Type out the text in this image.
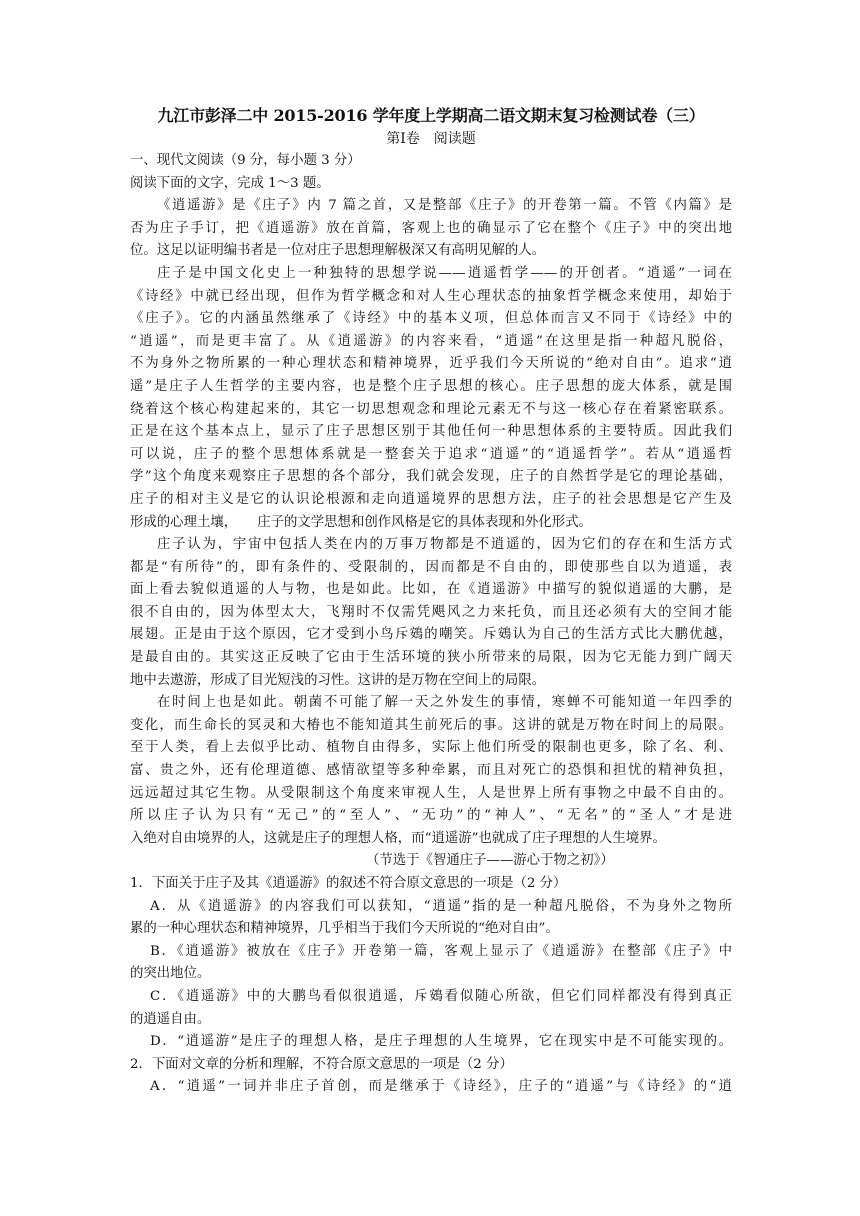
九江市彭泽二中 2015-2016 学年度上学期高二语文期末复习检测试卷（三）

第Ⅰ卷　阅读题

一、现代文阅读（9 分，每小题 3 分）

阅读下面的文字，完成 1～3 题。

《逍遥游》是《庄子》内 7 篇之首，又是整部《庄子》的开卷第一篇。不管《内篇》是

否为庄子手订，把《逍遥游》放在首篇，客观上也的确显示了它在整个《庄子》中的突出地

位。这足以证明编书者是一位对庄子思想理解极深又有高明见解的人。

庄子是中国文化史上一种独特的思想学说——逍遥哲学——的开创者。“逍遥”一词在

《诗经》中就已经出现，但作为哲学概念和对人生心理状态的抽象哲学概念来使用，却始于

《庄子》。它的内涵虽然继承了《诗经》中的基本义项，但总体而言又不同于《诗经》中的

“逍遥”，而是更丰富了。从《逍遥游》的内容来看，“逍遥”在这里是指一种超凡脱俗，

不为身外之物所累的一种心理状态和精神境界，近乎我们今天所说的“绝对自由”。追求“逍

遥”是庄子人生哲学的主要内容，也是整个庄子思想的核心。庄子思想的庞大体系，就是围

绕着这个核心构建起来的，其它一切思想观念和理论元素无不与这一核心存在着紧密联系。

正是在这个基本点上，显示了庄子思想区别于其他任何一种思想体系的主要特质。因此我们

可以说，庄子的整个思想体系就是一整套关于追求“逍遥”的“逍遥哲学”。若从“逍遥哲

学”这个角度来观察庄子思想的各个部分，我们就会发现，庄子的自然哲学是它的理论基础，

庄子的相对主义是它的认识论根源和走向逍遥境界的思想方法，庄子的社会思想是它产生及

形成的心理土壤，　　庄子的文学思想和创作风格是它的具体表现和外化形式。

庄子认为，宇宙中包括人类在内的万事万物都是不逍遥的，因为它们的存在和生活方式

都是“有所待”的，即有条件的、受限制的，因而都是不自由的，即使那些自以为逍遥，表

面上看去貌似逍遥的人与物，也是如此。比如，在《逍遥游》中描写的貌似逍遥的大鹏，是

很不自由的，因为体型太大，飞翔时不仅需凭飓风之力来托负，而且还必须有大的空间才能

展翅。正是由于这个原因，它才受到小鸟斥鴳的嘲笑。斥鴳认为自己的生活方式比大鹏优越，

是最自由的。其实这正反映了它由于生活环境的狭小所带来的局限，因为它无能力到广阔天

地中去遨游，形成了目光短浅的习性。这讲的是万物在空间上的局限。

在时间上也是如此。朝菌不可能了解一天之外发生的事情，寒蝉不可能知道一年四季的

变化，而生命长的冥灵和大椿也不能知道其生前死后的事。这讲的就是万物在时间上的局限。

至于人类，看上去似乎比动、植物自由得多，实际上他们所受的限制也更多，除了名、利、

富、贵之外，还有伦理道德、感情欲望等多种牵累，而且对死亡的恐惧和担忧的精神负担，

远远超过其它生物。从受限制这个角度来审视人生，人是世界上所有事物之中最不自由的。

所以庄子认为只有“无己”的“至人”、“无功”的“神人”、“无名”的“圣人”才是进

入绝对自由境界的人，这就是庄子的理想人格，而“逍遥游”也就成了庄子理想的人生境界。

（节选于《智通庄子——游心于物之初》）

1．下面关于庄子及其《逍遥游》的叙述不符合原文意思的一项是（2 分）

A．从《逍遥游》的内容我们可以获知，“逍遥”指的是一种超凡脱俗，不为身外之物所

累的一种心理状态和精神境界，几乎相当于我们今天所说的“绝对自由”。

B．《逍遥游》被放在《庄子》开卷第一篇，客观上显示了《逍遥游》在整部《庄子》中

的突出地位。

C．《逍遥游》中的大鹏鸟看似很逍遥，斥鴳看似随心所欲，但它们同样都没有得到真正

的逍遥自由。

D．“逍遥游”是庄子的理想人格，是庄子理想的人生境界，它在现实中是不可能实现的。

2．下面对文章的分析和理解，不符合原文意思的一项是（2 分）

A．“逍遥”一词并非庄子首创，而是继承于《诗经》，庄子的“逍遥”与《诗经》的“逍
